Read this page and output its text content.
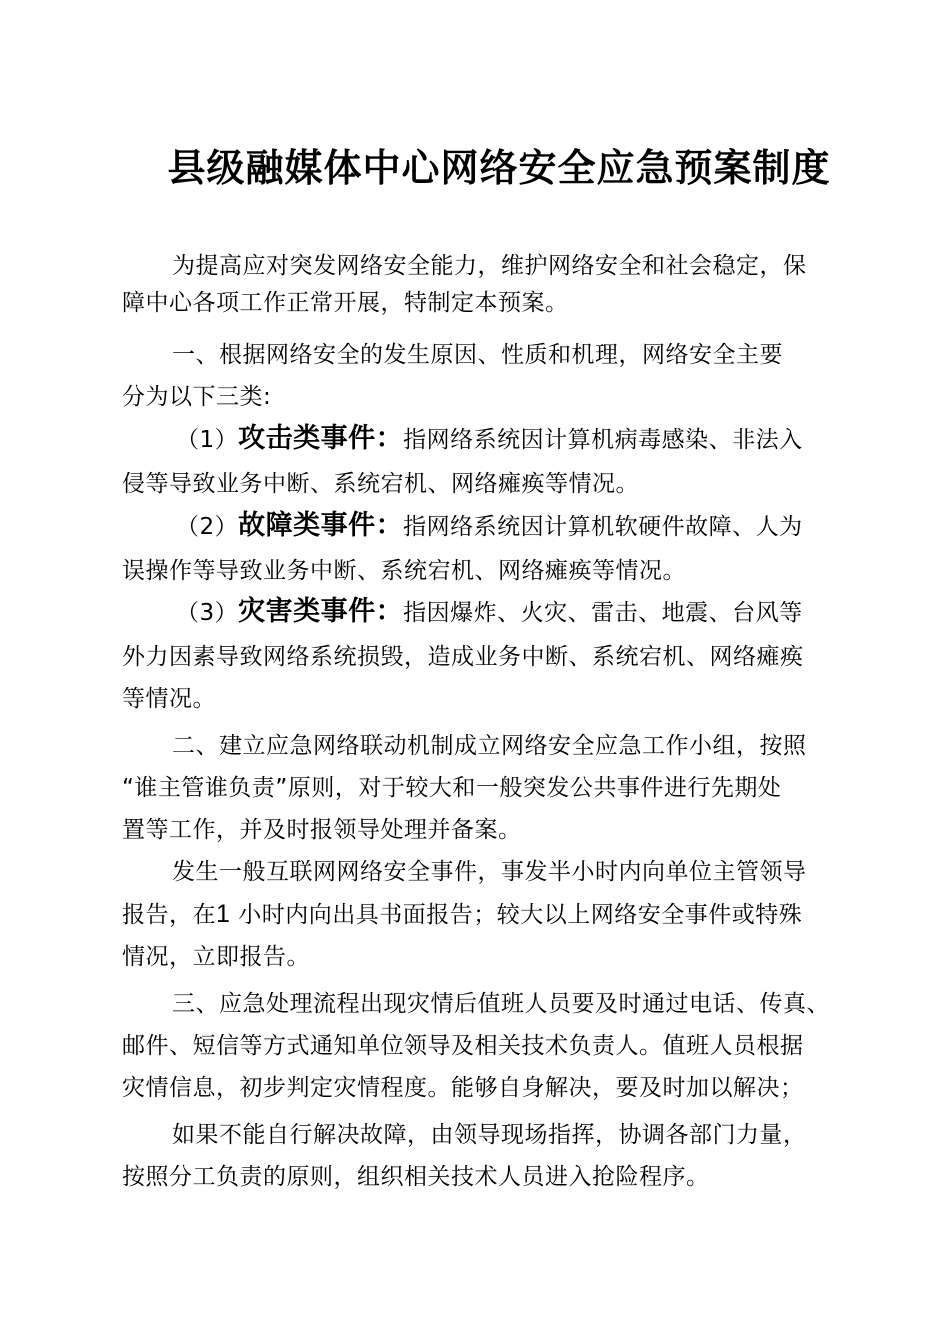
县级融媒体中心网络安全应急预案制度
为提高应对突发网络安全能力，维护网络安全和社会稳定，保
障中心各项工作正常开展，特制定本预案。
一、根据网络安全的发生原因、性质和机理，网络安全主要
分为以下三类:
（1）攻击类事件：指网络系统因计算机病毒感染、非法入
侵等导致业务中断、系统宕机、网络瘫痪等情况。
（2）故障类事件：指网络系统因计算机软硬件故障、人为
误操作等导致业务中断、系统宕机、网络瘫痪等情况。
（3）灾害类事件：指因爆炸、火灾、雷击、地震、台风等
外力因素导致网络系统损毁，造成业务中断、系统宕机、网络瘫痪
等情况。
二、建立应急网络联动机制成立网络安全应急工作小组，按照
“谁主管谁负责”原则，对于较大和一般突发公共事件进行先期处
置等工作，并及时报领导处理并备案。
发生一般互联网网络安全事件，事发半小时内向单位主管领导
报告，在1 小时内向出具书面报告；较大以上网络安全事件或特殊
情况，立即报告。
三、应急处理流程出现灾情后值班人员要及时通过电话、传真、
邮件、短信等方式通知单位领导及相关技术负责人。值班人员根据
灾情信息，初步判定灾情程度。能够自身解决，要及时加以解决；
如果不能自行解决故障，由领导现场指挥，协调各部门力量，
按照分工负责的原则，组织相关技术人员进入抢险程序。
